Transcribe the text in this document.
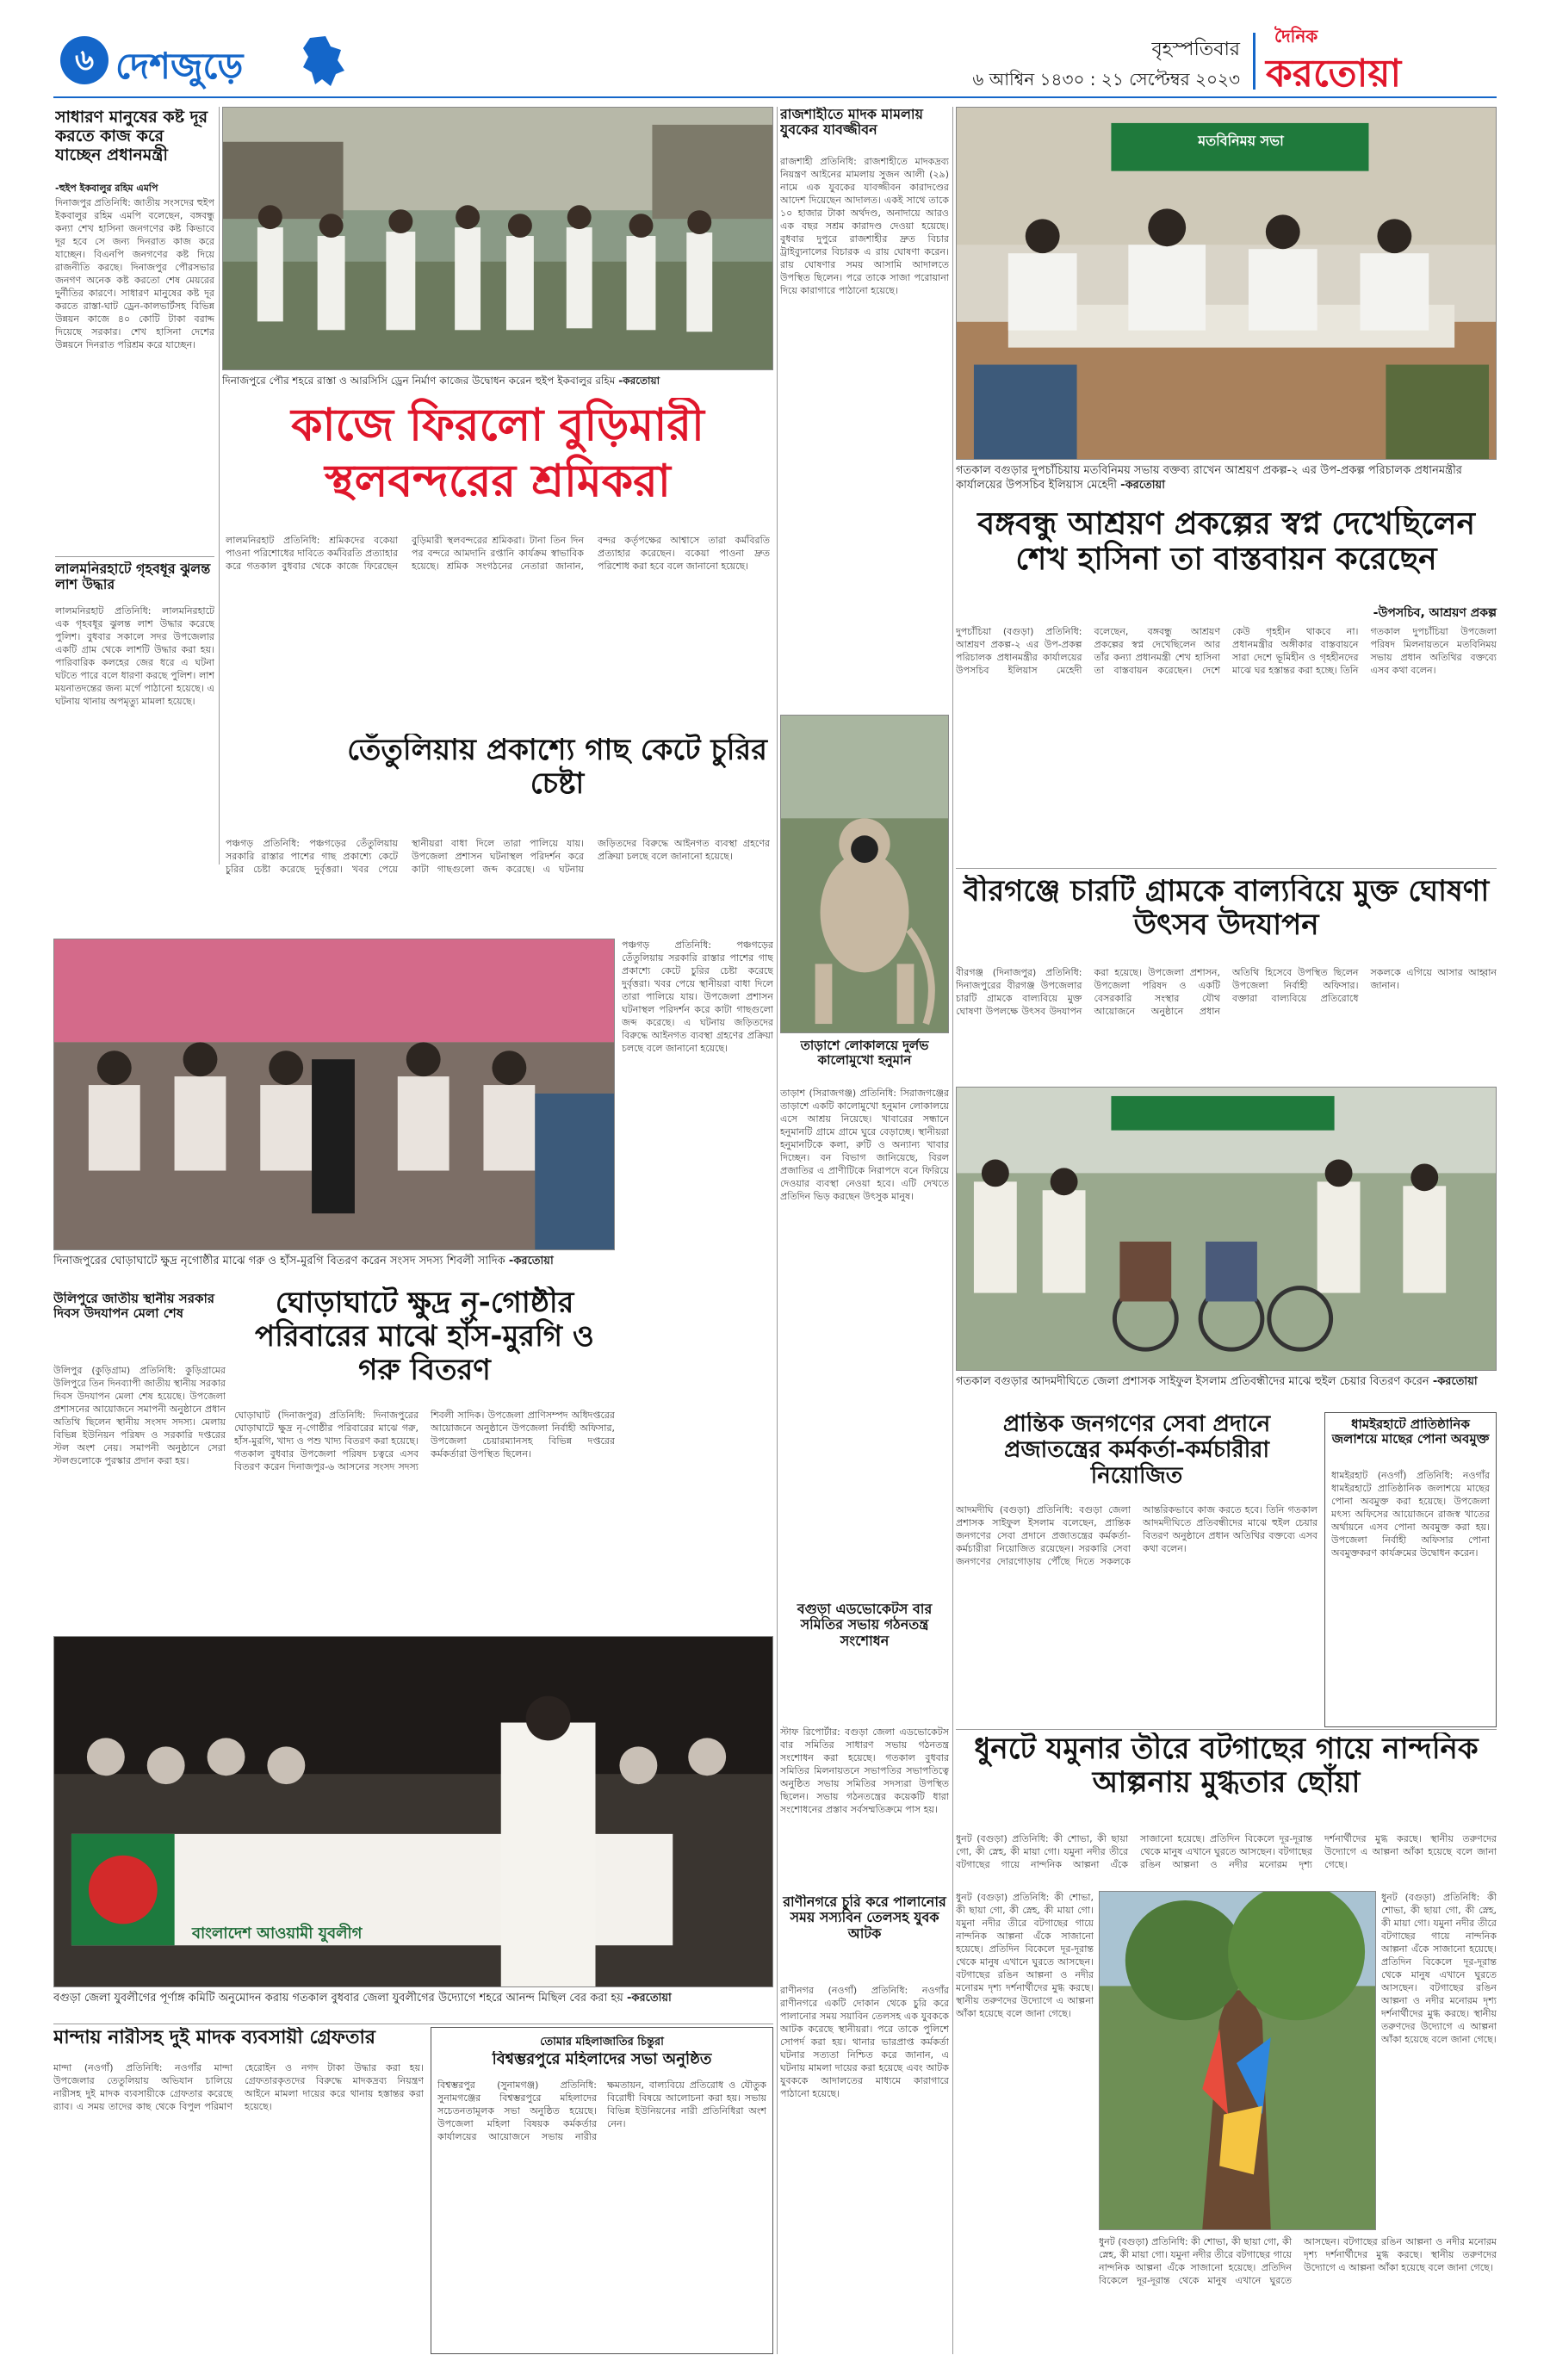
৬ দেশজুড়ে	বৃহস্পতিবার
৬ আশ্বিন ১৪৩০ : ২১ সেপ্টেম্বর ২০২৩
দৈনিক
করতোয়া
সাধারণ মানুষের কষ্ট দূর করতে কাজ করে যাচ্ছেন প্রধানমন্ত্রী
-হুইপ ইকবালুর রহিম এমপি
দিনাজপুর প্রতিনিধি: জাতীয় সংসদের হুইপ ইকবালুর রহিম এমপি বলেছেন, বঙ্গবন্ধু কন্যা শেখ হাসিনা জনগণের কষ্ট কিভাবে দূর হবে সে জন্য দিনরাত কাজ করে যাচ্ছেন। বিএনপি জনগণের কষ্ট দিয়ে রাজনীতি করছে। দিনাজপুর পৌরসভার জনগণ অনেক কষ্ট করতো শেষ মেয়রের দুর্নীতির কারণে। সাধারণ মানুষের কষ্ট দূর করতে রাস্তা-ঘাট ড্রেন-কালভার্টসহ বিভিন্ন উন্নয়ন কাজে ৪০ কোটি টাকা বরাদ্দ দিয়েছে সরকার। শেখ হাসিনা দেশের উন্নয়নে দিনরাত পরিশ্রম করে যাচ্ছেন।
লালমনিরহাটে গৃহবধূর ঝুলন্ত লাশ উদ্ধার
লালমনিরহাট প্রতিনিধি: লালমনিরহাটে এক গৃহবধূর ঝুলন্ত লাশ উদ্ধার করেছে পুলিশ। বুধবার সকালে সদর উপজেলার একটি গ্রাম থেকে লাশটি উদ্ধার করা হয়। পারিবারিক কলহের জের ধরে এ ঘটনা ঘটতে পারে বলে ধারণা করছে পুলিশ। লাশ ময়নাতদন্তের জন্য মর্গে পাঠানো হয়েছে। এ ঘটনায় থানায় অপমৃত্যু মামলা হয়েছে।
দিনাজপুরে পৌর শহরে রাস্তা ও আরসিসি ড্রেন নির্মাণ কাজের উদ্বোধন করেন হুইপ ইকবালুর রহিম -করতোয়া
কাজে ফিরলো বুড়িমারী স্থলবন্দরের শ্রমিকরা
রাজশাহীতে মাদক মামলায় যুবকের যাবজ্জীবন
রাজশাহী প্রতিনিধি: রাজশাহীতে মাদকদ্রব্য নিয়ন্ত্রণ আইনের মামলায় সুজন আলী (২৯) নামে এক যুবকের যাবজ্জীবন কারাদণ্ডের আদেশ দিয়েছেন আদালত। একই সাথে তাকে ১০ হাজার টাকা অর্থদণ্ড, অনাদায়ে আরও এক বছর সশ্রম কারাদণ্ড দেওয়া হয়েছে। বুধবার দুপুরে রাজশাহীর দ্রুত বিচার ট্রাইব্যুনালের বিচারক এ রায় ঘোষণা করেন। রায় ঘোষণার সময় আসামি আদালতে উপস্থিত ছিলেন। পরে তাকে সাজা পরোয়ানা দিয়ে কারাগারে পাঠানো হয়েছে।
মতবিনিময় সভা
গতকাল বগুড়ার দুপচাঁচিয়ায় মতবিনিময় সভায় বক্তব্য রাখেন আশ্রয়ণ প্রকল্প-২ এর উপ-প্রকল্প পরিচালক প্রধানমন্ত্রীর কার্যালয়ের উপসচিব ইলিয়াস মেহেদী -করতোয়া
বঙ্গবন্ধু আশ্রয়ণ প্রকল্পের স্বপ্ন দেখেছিলেন শেখ হাসিনা তা বাস্তবায়ন করেছেন
-উপসচিব, আশ্রয়ণ প্রকল্প
দুপচাঁচিয়া (বগুড়া) প্রতিনিধি: আশ্রয়ণ প্রকল্প-২ এর উপ-প্রকল্প পরিচালক প্রধানমন্ত্রীর কার্যালয়ের উপসচিব ইলিয়াস মেহেদী বলেছেন, বঙ্গবন্ধু আশ্রয়ণ প্রকল্পের স্বপ্ন দেখেছিলেন আর তাঁর কন্যা প্রধানমন্ত্রী শেখ হাসিনা তা বাস্তবায়ন করেছেন। দেশে কেউ গৃহহীন থাকবে না। প্রধানমন্ত্রীর অঙ্গীকার বাস্তবায়নে সারা দেশে ভূমিহীন ও গৃহহীনদের মাঝে ঘর হস্তান্তর করা হচ্ছে। তিনি গতকাল দুপচাঁচিয়া উপজেলা পরিষদ মিলনায়তনে মতবিনিময় সভায় প্রধান অতিথির বক্তব্যে এসব কথা বলেন।
বীরগঞ্জে চারটি গ্রামকে বাল্যবিয়ে মুক্ত ঘোষণা উৎসব উদযাপন
বীরগঞ্জ (দিনাজপুর) প্রতিনিধি: দিনাজপুরের বীরগঞ্জ উপজেলার চারটি গ্রামকে বাল্যবিয়ে মুক্ত ঘোষণা উপলক্ষে উৎসব উদযাপন করা হয়েছে। উপজেলা প্রশাসন, উপজেলা পরিষদ ও একটি বেসরকারি সংস্থার যৌথ আয়োজনে অনুষ্ঠানে প্রধান অতিথি হিসেবে উপস্থিত ছিলেন উপজেলা নির্বাহী অফিসার। বক্তারা বাল্যবিয়ে প্রতিরোধে সকলকে এগিয়ে আসার আহ্বান জানান।
লালমনিরহাট প্রতিনিধি: শ্রমিকদের বকেয়া পাওনা পরিশোধের দাবিতে কর্মবিরতি প্রত্যাহার করে গতকাল বুধবার থেকে কাজে ফিরেছেন বুড়িমারী স্থলবন্দরের শ্রমিকরা। টানা তিন দিন পর বন্দরে আমদানি রপ্তানি কার্যক্রম স্বাভাবিক হয়েছে। শ্রমিক সংগঠনের নেতারা জানান, বন্দর কর্তৃপক্ষের আশ্বাসে তারা কর্মবিরতি প্রত্যাহার করেছেন। বকেয়া পাওনা দ্রুত পরিশোধ করা হবে বলে জানানো হয়েছে।
তেঁতুলিয়ায় প্রকাশ্যে গাছ কেটে চুরির চেষ্টা
পঞ্চগড় প্রতিনিধি: পঞ্চগড়ের তেঁতুলিয়ায় সরকারি রাস্তার পাশের গাছ প্রকাশ্যে কেটে চুরির চেষ্টা করেছে দুর্বৃত্তরা। খবর পেয়ে স্থানীয়রা বাধা দিলে তারা পালিয়ে যায়। উপজেলা প্রশাসন ঘটনাস্থল পরিদর্শন করে কাটা গাছগুলো জব্দ করেছে। এ ঘটনায় জড়িতদের বিরুদ্ধে আইনগত ব্যবস্থা গ্রহণের প্রক্রিয়া চলছে বলে জানানো হয়েছে।
তাড়াশে লোকালয়ে দুর্লভ কালোমুখো হনুমান
তাড়াশ (সিরাজগঞ্জ) প্রতিনিধি: সিরাজগঞ্জের তাড়াশে একটি কালোমুখো হনুমান লোকালয়ে এসে আশ্রয় নিয়েছে। খাবারের সন্ধানে হনুমানটি গ্রামে গ্রামে ঘুরে বেড়াচ্ছে। স্থানীয়রা হনুমানটিকে কলা, রুটি ও অন্যান্য খাবার দিচ্ছেন। বন বিভাগ জানিয়েছে, বিরল প্রজাতির এ প্রাণীটিকে নিরাপদে বনে ফিরিয়ে দেওয়ার ব্যবস্থা নেওয়া হবে। এটি দেখতে প্রতিদিন ভিড় করছেন উৎসুক মানুষ।
দিনাজপুরের ঘোড়াঘাটে ক্ষুদ্র নৃগোষ্ঠীর মাঝে গরু ও হাঁস-মুরগি বিতরণ করেন সংসদ সদস্য শিবলী সাদিক -করতোয়া
উলিপুরে জাতীয় স্থানীয় সরকার দিবস উদযাপন মেলা শেষ
উলিপুর (কুড়িগ্রাম) প্রতিনিধি: কুড়িগ্রামের উলিপুরে তিন দিনব্যাপী জাতীয় স্থানীয় সরকার দিবস উদযাপন মেলা শেষ হয়েছে। উপজেলা প্রশাসনের আয়োজনে সমাপনী অনুষ্ঠানে প্রধান অতিথি ছিলেন স্থানীয় সংসদ সদস্য। মেলায় বিভিন্ন ইউনিয়ন পরিষদ ও সরকারি দপ্তরের স্টল অংশ নেয়। সমাপনী অনুষ্ঠানে সেরা স্টলগুলোকে পুরস্কার প্রদান করা হয়।
ঘোড়াঘাটে ক্ষুদ্র নৃ-গোষ্ঠীর পরিবারের মাঝে হাঁস-মুরগি ও গরু বিতরণ
ঘোড়াঘাট (দিনাজপুর) প্রতিনিধি: দিনাজপুরের ঘোড়াঘাটে ক্ষুদ্র নৃ-গোষ্ঠীর পরিবারের মাঝে গরু, হাঁস-মুরগি, খাদ্য ও পশু খাদ্য বিতরণ করা হয়েছে। গতকাল বুধবার উপজেলা পরিষদ চত্বরে এসব বিতরণ করেন দিনাজপুর-৬ আসনের সংসদ সদস্য শিবলী সাদিক। উপজেলা প্রাণিসম্পদ অধিদপ্তরের আয়োজনে অনুষ্ঠানে উপজেলা নির্বাহী অফিসার, উপজেলা চেয়ারম্যানসহ বিভিন্ন দপ্তরের কর্মকর্তারা উপস্থিত ছিলেন।
পঞ্চগড় প্রতিনিধি: পঞ্চগড়ের তেঁতুলিয়ায় সরকারি রাস্তার পাশের গাছ প্রকাশ্যে কেটে চুরির চেষ্টা করেছে দুর্বৃত্তরা। খবর পেয়ে স্থানীয়রা বাধা দিলে তারা পালিয়ে যায়। উপজেলা প্রশাসন ঘটনাস্থল পরিদর্শন করে কাটা গাছগুলো জব্দ করেছে। এ ঘটনায় জড়িতদের বিরুদ্ধে আইনগত ব্যবস্থা গ্রহণের প্রক্রিয়া চলছে বলে জানানো হয়েছে।
গতকাল বগুড়ার আদমদীঘিতে জেলা প্রশাসক সাইফুল ইসলাম প্রতিবন্ধীদের মাঝে হুইল চেয়ার বিতরণ করেন -করতোয়া
প্রান্তিক জনগণের সেবা প্রদানে প্রজাতন্ত্রের কর্মকর্তা-কর্মচারীরা নিয়োজিত
আদমদীঘি (বগুড়া) প্রতিনিধি: বগুড়া জেলা প্রশাসক সাইফুল ইসলাম বলেছেন, প্রান্তিক জনগণের সেবা প্রদানে প্রজাতন্ত্রের কর্মকর্তা-কর্মচারীরা নিয়োজিত রয়েছেন। সরকারি সেবা জনগণের দোরগোড়ায় পৌঁছে দিতে সকলকে আন্তরিকভাবে কাজ করতে হবে। তিনি গতকাল আদমদীঘিতে প্রতিবন্ধীদের মাঝে হুইল চেয়ার বিতরণ অনুষ্ঠানে প্রধান অতিথির বক্তব্যে এসব কথা বলেন।
ধামইরহাটে প্রাতিষ্ঠানিক জলাশয়ে মাছের পোনা অবমুক্ত
ধামইরহাট (নওগাঁ) প্রতিনিধি: নওগাঁর ধামইরহাটে প্রাতিষ্ঠানিক জলাশয়ে মাছের পোনা অবমুক্ত করা হয়েছে। উপজেলা মৎস্য অফিসের আয়োজনে রাজস্ব খাতের অর্থায়নে এসব পোনা অবমুক্ত করা হয়। উপজেলা নির্বাহী অফিসার পোনা অবমুক্তকরণ কার্যক্রমের উদ্বোধন করেন।
বাংলাদেশ আওয়ামী যুবলীগ
বগুড়া জেলা যুবলীগের পূর্ণাঙ্গ কমিটি অনুমোদন করায় গতকাল বুধবার জেলা যুবলীগের উদ্যোগে শহরে আনন্দ মিছিল বের করা হয় -করতোয়া
বগুড়া এডভোকেটস বার সমিতির সভায় গঠনতন্ত্র সংশোধন
স্টাফ রিপোর্টার: বগুড়া জেলা এডভোকেটস বার সমিতির সাধারণ সভায় গঠনতন্ত্র সংশোধন করা হয়েছে। গতকাল বুধবার সমিতির মিলনায়তনে সভাপতির সভাপতিত্বে অনুষ্ঠিত সভায় সমিতির সদস্যরা উপস্থিত ছিলেন। সভায় গঠনতন্ত্রের কয়েকটি ধারা সংশোধনের প্রস্তাব সর্বসম্মতিক্রমে পাস হয়।
রাণীনগরে চুরি করে পালানোর সময় সস্যবিন তেলসহ যুবক আটক
রাণীনগর (নওগাঁ) প্রতিনিধি: নওগাঁর রাণীনগরে একটি দোকান থেকে চুরি করে পালানোর সময় সয়াবিন তেলসহ এক যুবককে আটক করেছে স্থানীয়রা। পরে তাকে পুলিশে সোপর্দ করা হয়। থানার ভারপ্রাপ্ত কর্মকর্তা ঘটনার সত্যতা নিশ্চিত করে জানান, এ ঘটনায় মামলা দায়ের করা হয়েছে এবং আটক যুবককে আদালতের মাধ্যমে কারাগারে পাঠানো হয়েছে।
ধুনটে যমুনার তীরে বটগাছের গায়ে নান্দনিক আল্পনায় মুগ্ধতার ছোঁয়া
ধুনট (বগুড়া) প্রতিনিধি: কী শোভা, কী ছায়া গো, কী স্নেহ, কী মায়া গো। যমুনা নদীর তীরে বটগাছের গায়ে নান্দনিক আল্পনা এঁকে সাজানো হয়েছে। প্রতিদিন বিকেলে দূর-দূরান্ত থেকে মানুষ এখানে ঘুরতে আসছেন। বটগাছের রঙিন আল্পনা ও নদীর মনোরম দৃশ্য দর্শনার্থীদের মুগ্ধ করছে। স্থানীয় তরুণদের উদ্যোগে এ আল্পনা আঁকা হয়েছে বলে জানা গেছে।
ধুনট (বগুড়া) প্রতিনিধি: কী শোভা, কী ছায়া গো, কী স্নেহ, কী মায়া গো। যমুনা নদীর তীরে বটগাছের গায়ে নান্দনিক আল্পনা এঁকে সাজানো হয়েছে। প্রতিদিন বিকেলে দূর-দূরান্ত থেকে মানুষ এখানে ঘুরতে আসছেন। বটগাছের রঙিন আল্পনা ও নদীর মনোরম দৃশ্য দর্শনার্থীদের মুগ্ধ করছে। স্থানীয় তরুণদের উদ্যোগে এ আল্পনা আঁকা হয়েছে বলে জানা গেছে।
ধুনট (বগুড়া) প্রতিনিধি: কী শোভা, কী ছায়া গো, কী স্নেহ, কী মায়া গো। যমুনা নদীর তীরে বটগাছের গায়ে নান্দনিক আল্পনা এঁকে সাজানো হয়েছে। প্রতিদিন বিকেলে দূর-দূরান্ত থেকে মানুষ এখানে ঘুরতে আসছেন। বটগাছের রঙিন আল্পনা ও নদীর মনোরম দৃশ্য দর্শনার্থীদের মুগ্ধ করছে। স্থানীয় তরুণদের উদ্যোগে এ আল্পনা আঁকা হয়েছে বলে জানা গেছে।
ধুনট (বগুড়া) প্রতিনিধি: কী শোভা, কী ছায়া গো, কী স্নেহ, কী মায়া গো। যমুনা নদীর তীরে বটগাছের গায়ে নান্দনিক আল্পনা এঁকে সাজানো হয়েছে। প্রতিদিন বিকেলে দূর-দূরান্ত থেকে মানুষ এখানে ঘুরতে আসছেন। বটগাছের রঙিন আল্পনা ও নদীর মনোরম দৃশ্য দর্শনার্থীদের মুগ্ধ করছে। স্থানীয় তরুণদের উদ্যোগে এ আল্পনা আঁকা হয়েছে বলে জানা গেছে।
মান্দায় নারীসহ দুই মাদক ব্যবসায়ী গ্রেফতার
মান্দা (নওগাঁ) প্রতিনিধি: নওগাঁর মান্দা উপজেলার তেতুলিয়ায় অভিযান চালিয়ে নারীসহ দুই মাদক ব্যবসায়ীকে গ্রেফতার করেছে র‍্যাব। এ সময় তাদের কাছ থেকে বিপুল পরিমাণ হেরোইন ও নগদ টাকা উদ্ধার করা হয়। গ্রেফতারকৃতদের বিরুদ্ধে মাদকদ্রব্য নিয়ন্ত্রণ আইনে মামলা দায়ের করে থানায় হস্তান্তর করা হয়েছে।
তোমার মহিলাজাতির চিন্তুরা
বিশ্বম্ভরপুরে মহিলাদের সভা অনুষ্ঠিত
বিশ্বম্ভরপুর (সুনামগঞ্জ) প্রতিনিধি: সুনামগঞ্জের বিশ্বম্ভরপুরে মহিলাদের সচেতনতামূলক সভা অনুষ্ঠিত হয়েছে। উপজেলা মহিলা বিষয়ক কর্মকর্তার কার্যালয়ের আয়োজনে সভায় নারীর ক্ষমতায়ন, বাল্যবিয়ে প্রতিরোধ ও যৌতুক বিরোধী বিষয়ে আলোচনা করা হয়। সভায় বিভিন্ন ইউনিয়নের নারী প্রতিনিধিরা অংশ নেন।
